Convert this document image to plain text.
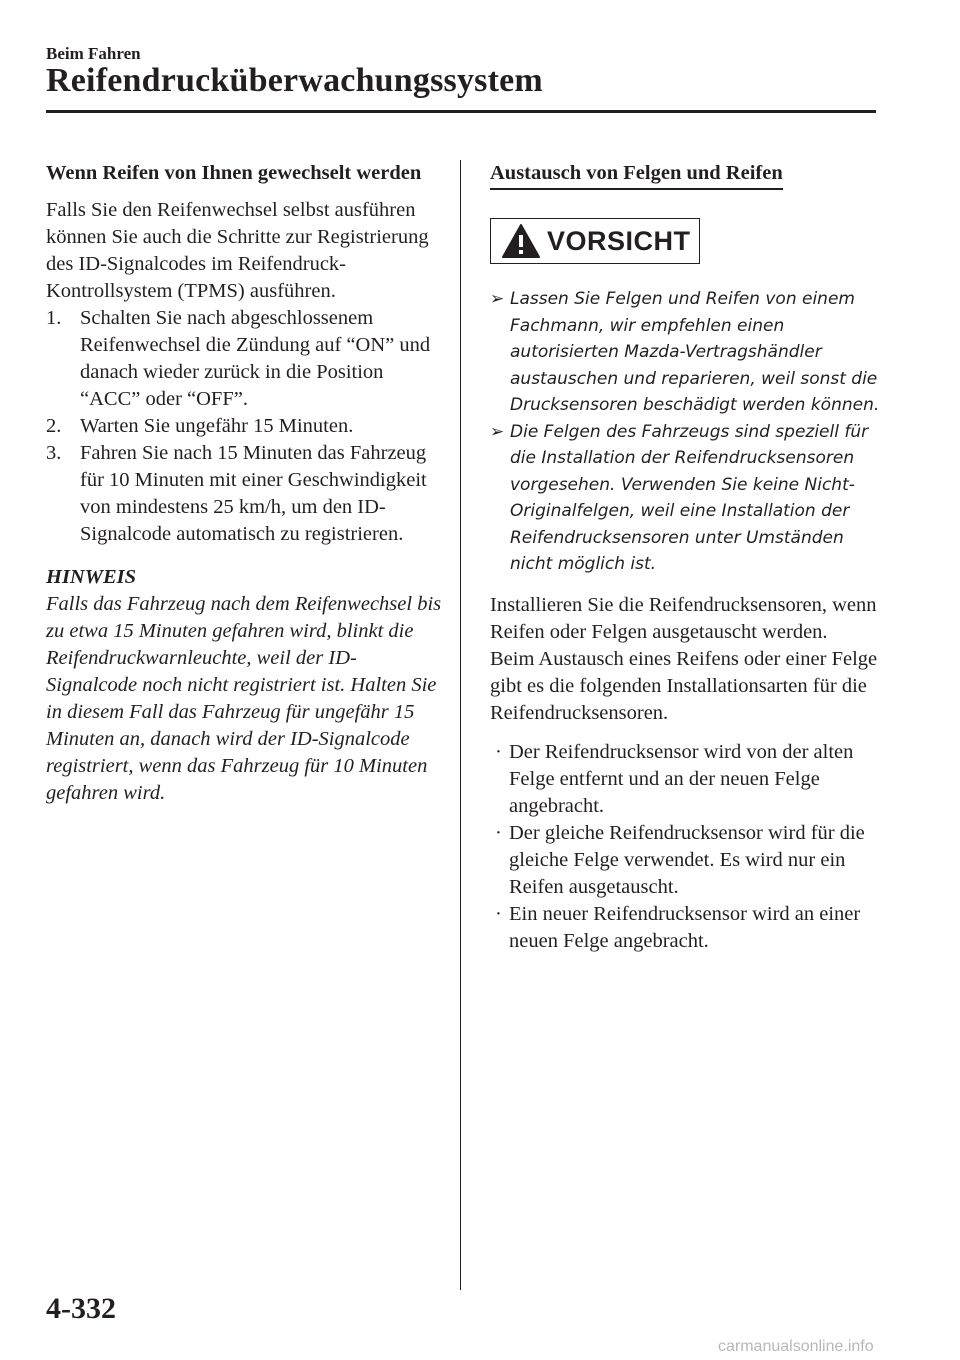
Beim Fahren
Reifendrucküberwachungssystem
Wenn Reifen von Ihnen gewechselt werden

Falls Sie den Reifenwechsel selbst ausführen können Sie auch die Schritte zur Registrierung des ID-Signalcodes im Reifendruck-Kontrollsystem (TPMS) ausführen.

1. Schalten Sie nach abgeschlossenem Reifenwechsel die Zündung auf “ON” und danach wieder zurück in die Position “ACC” oder “OFF”.
2. Warten Sie ungefähr 15 Minuten.
3. Fahren Sie nach 15 Minuten das Fahrzeug für 10 Minuten mit einer Geschwindigkeit von mindestens 25 km/h, um den ID-Signalcode automatisch zu registrieren.

HINWEIS

Falls das Fahrzeug nach dem Reifenwechsel bis zu etwa 15 Minuten gefahren wird, blinkt die Reifendruckwarnleuchte, weil der ID-Signalcode noch nicht registriert ist. Halten Sie in diesem Fall das Fahrzeug für ungefähr 15 Minuten an, danach wird der ID-Signalcode registriert, wenn das Fahrzeug für 10 Minuten gefahren wird.

Austausch von Felgen und Reifen
VORSICHT
➢ Lassen Sie Felgen und Reifen von einem Fachmann, wir empfehlen einen autorisierten Mazda-Vertragshändler austauschen und reparieren, weil sonst die Drucksensoren beschädigt werden können.
➢ Die Felgen des Fahrzeugs sind speziell für die Installation der Reifendrucksensoren vorgesehen. Verwenden Sie keine Nicht-Originalfelgen, weil eine Installation der Reifendrucksensoren unter Umständen nicht möglich ist.

Installieren Sie die Reifendrucksensoren, wenn Reifen oder Felgen ausgetauscht werden.
Beim Austausch eines Reifens oder einer Felge gibt es die folgenden Installationsarten für die Reifendrucksensoren.

· Der Reifendrucksensor wird von der alten Felge entfernt und an der neuen Felge angebracht.
· Der gleiche Reifendrucksensor wird für die gleiche Felge verwendet. Es wird nur ein Reifen ausgetauscht.
· Ein neuer Reifendrucksensor wird an einer neuen Felge angebracht.
4-332
carmanualsonline.info
